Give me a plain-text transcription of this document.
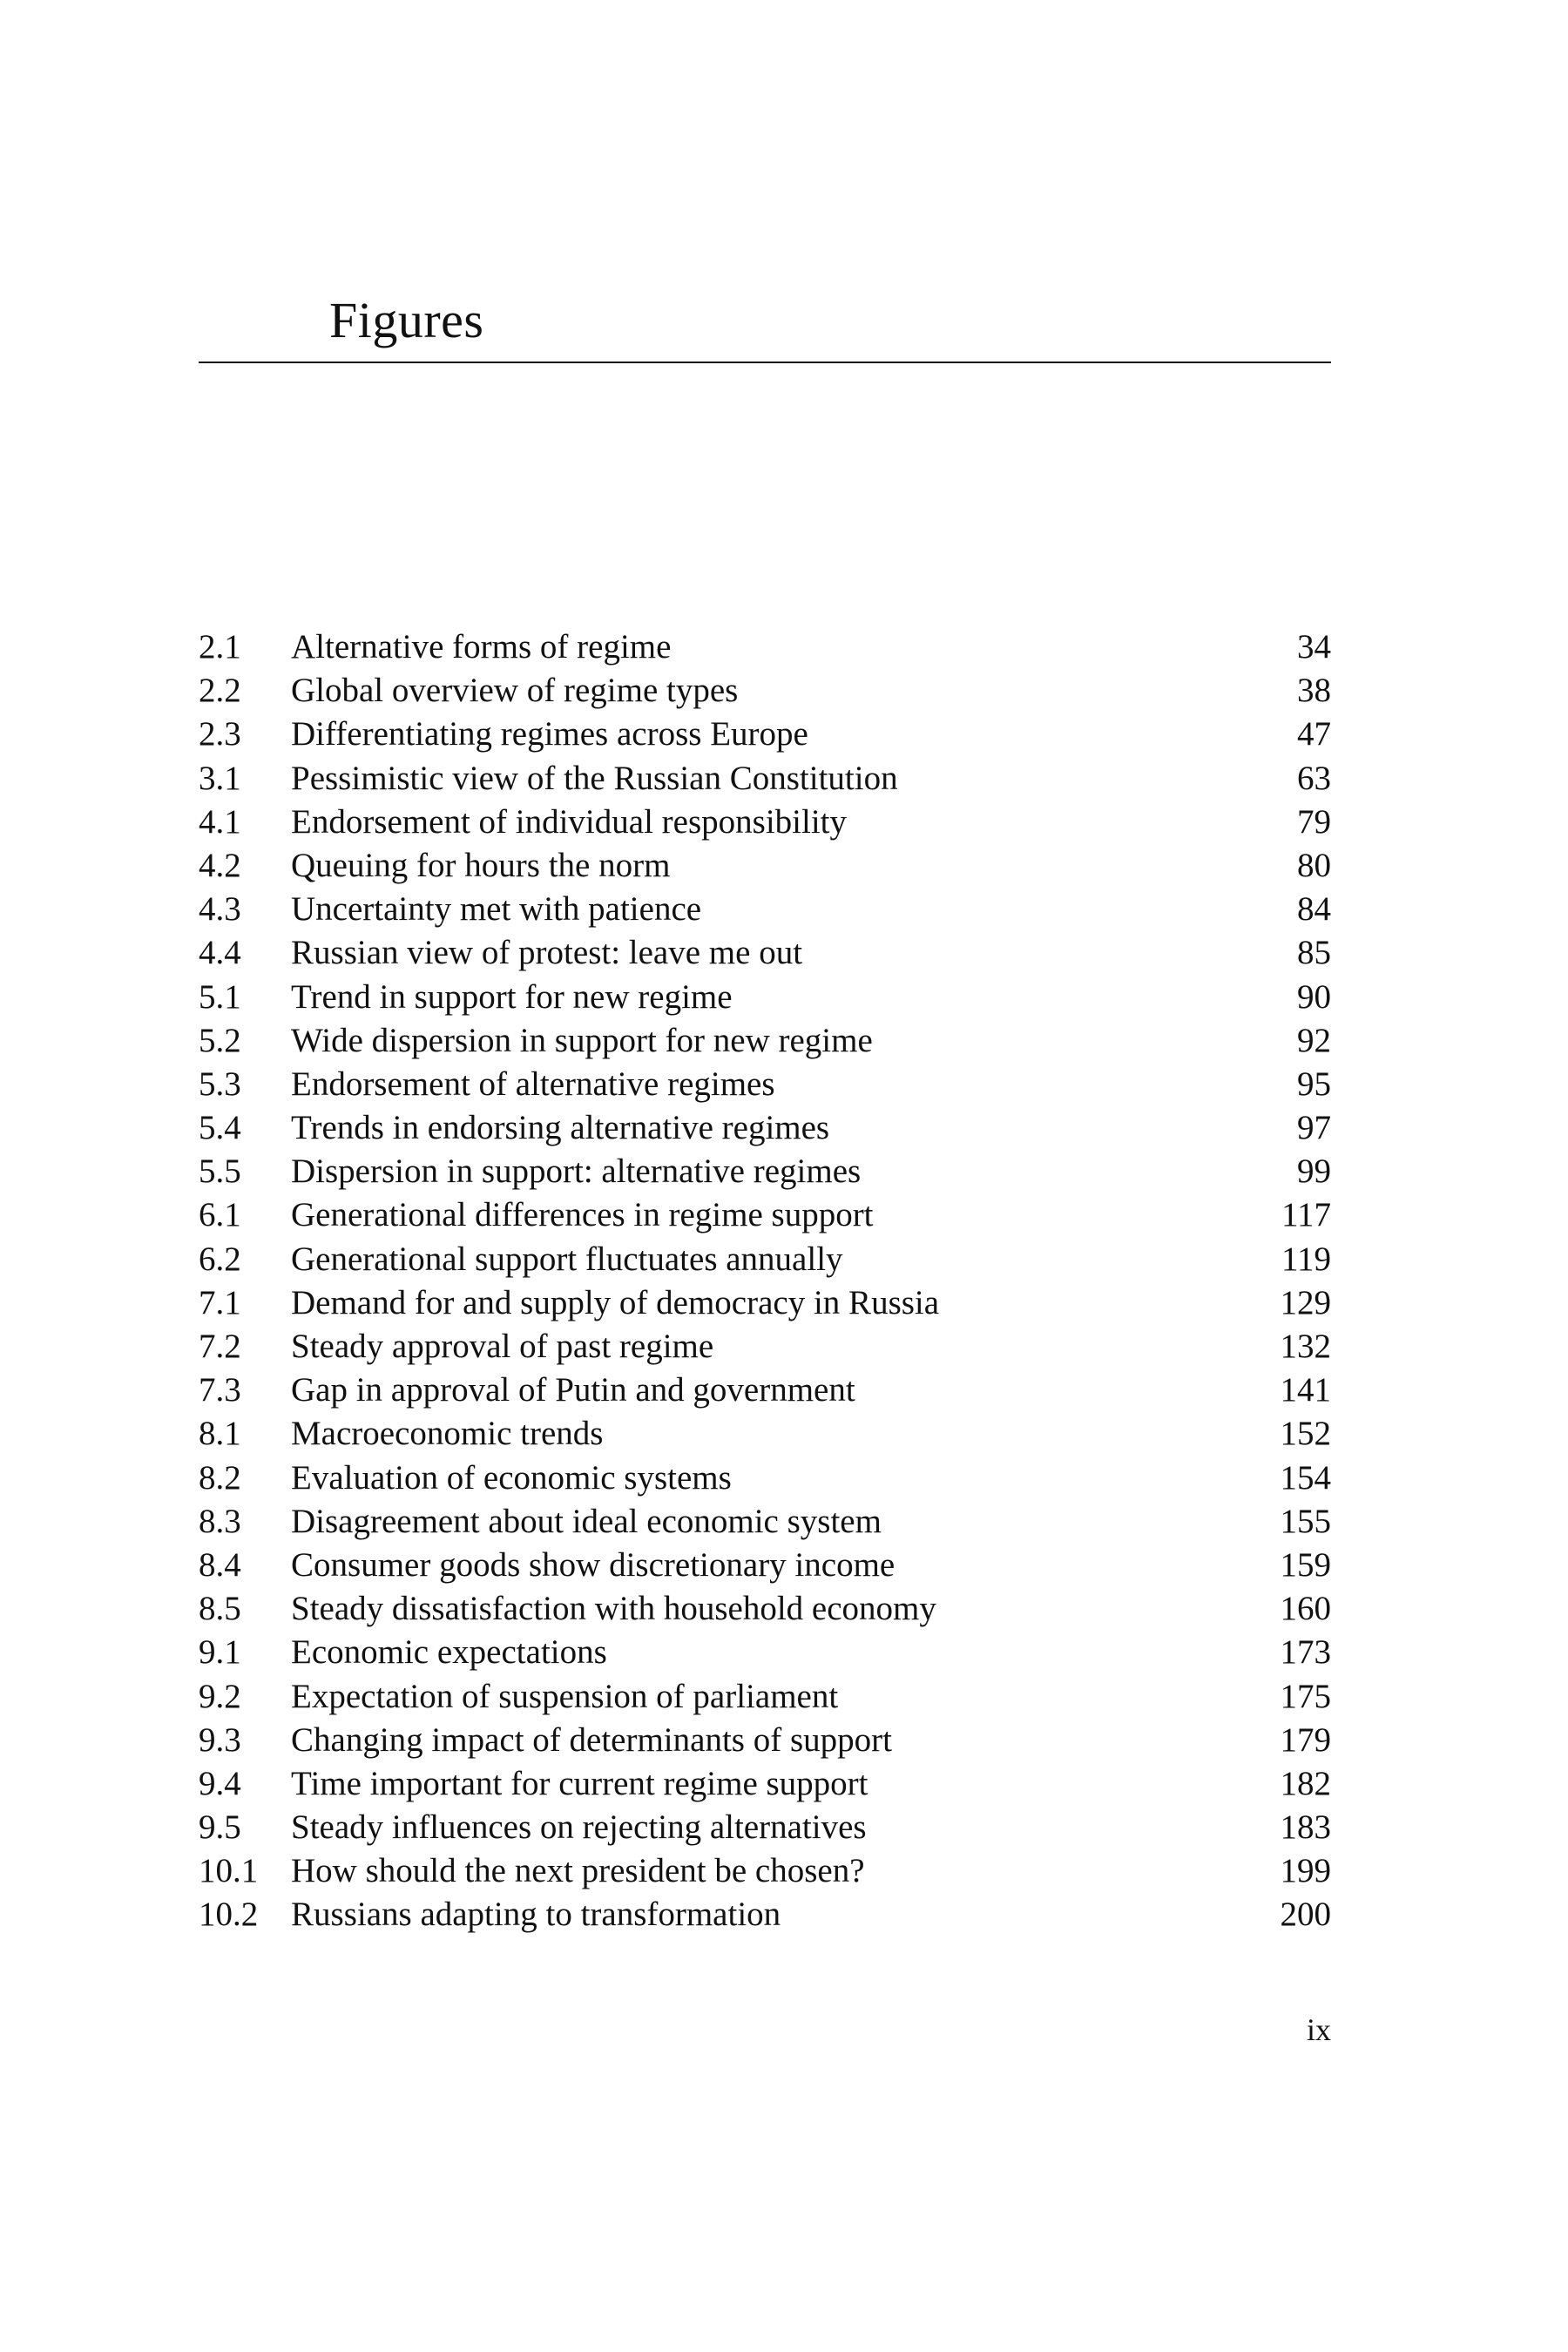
Figures
2.1 Alternative forms of regime	34
2.2 Global overview of regime types	38
2.3 Differentiating regimes across Europe	47
3.1 Pessimistic view of the Russian Constitution	63
4.1 Endorsement of individual responsibility	79
4.2 Queuing for hours the norm	80
4.3 Uncertainty met with patience	84
4.4 Russian view of protest: leave me out	85
5.1 Trend in support for new regime	90
5.2 Wide dispersion in support for new regime	92
5.3 Endorsement of alternative regimes	95
5.4 Trends in endorsing alternative regimes	97
5.5 Dispersion in support: alternative regimes	99
6.1 Generational differences in regime support	117
6.2 Generational support fluctuates annually	119
7.1 Demand for and supply of democracy in Russia	129
7.2 Steady approval of past regime	132
7.3 Gap in approval of Putin and government	141
8.1 Macroeconomic trends	152
8.2 Evaluation of economic systems	154
8.3 Disagreement about ideal economic system	155
8.4 Consumer goods show discretionary income	159
8.5 Steady dissatisfaction with household economy	160
9.1 Economic expectations	173
9.2 Expectation of suspension of parliament	175
9.3 Changing impact of determinants of support	179
9.4 Time important for current regime support	182
9.5 Steady influences on rejecting alternatives	183
10.1 How should the next president be chosen?	199
10.2 Russians adapting to transformation	200
ix
